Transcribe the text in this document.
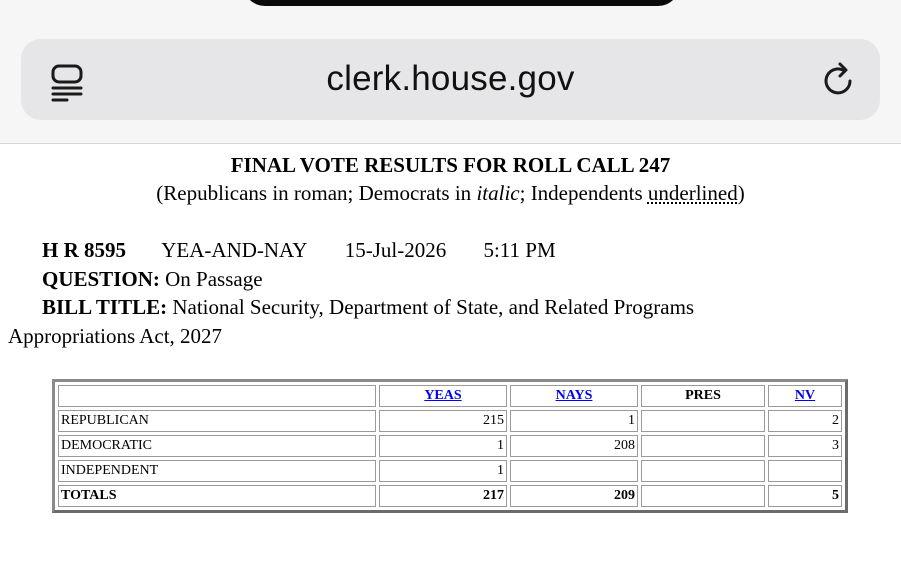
clerk.house.gov
FINAL VOTE RESULTS FOR ROLL CALL 247
(Republicans in roman; Democrats in italic; Independents underlined)
H R 8595 YEA-AND-NAY 15-Jul-2026 5:11 PM
QUESTION: On Passage
BILL TITLE: National Security, Department of State, and Related Programs
Appropriations Act, 2027
	YEAS	NAYS	PRES	NV
REPUBLICAN	215	1		2
DEMOCRATIC	1	208		3
INDEPENDENT	1			
TOTALS	217	209		5
